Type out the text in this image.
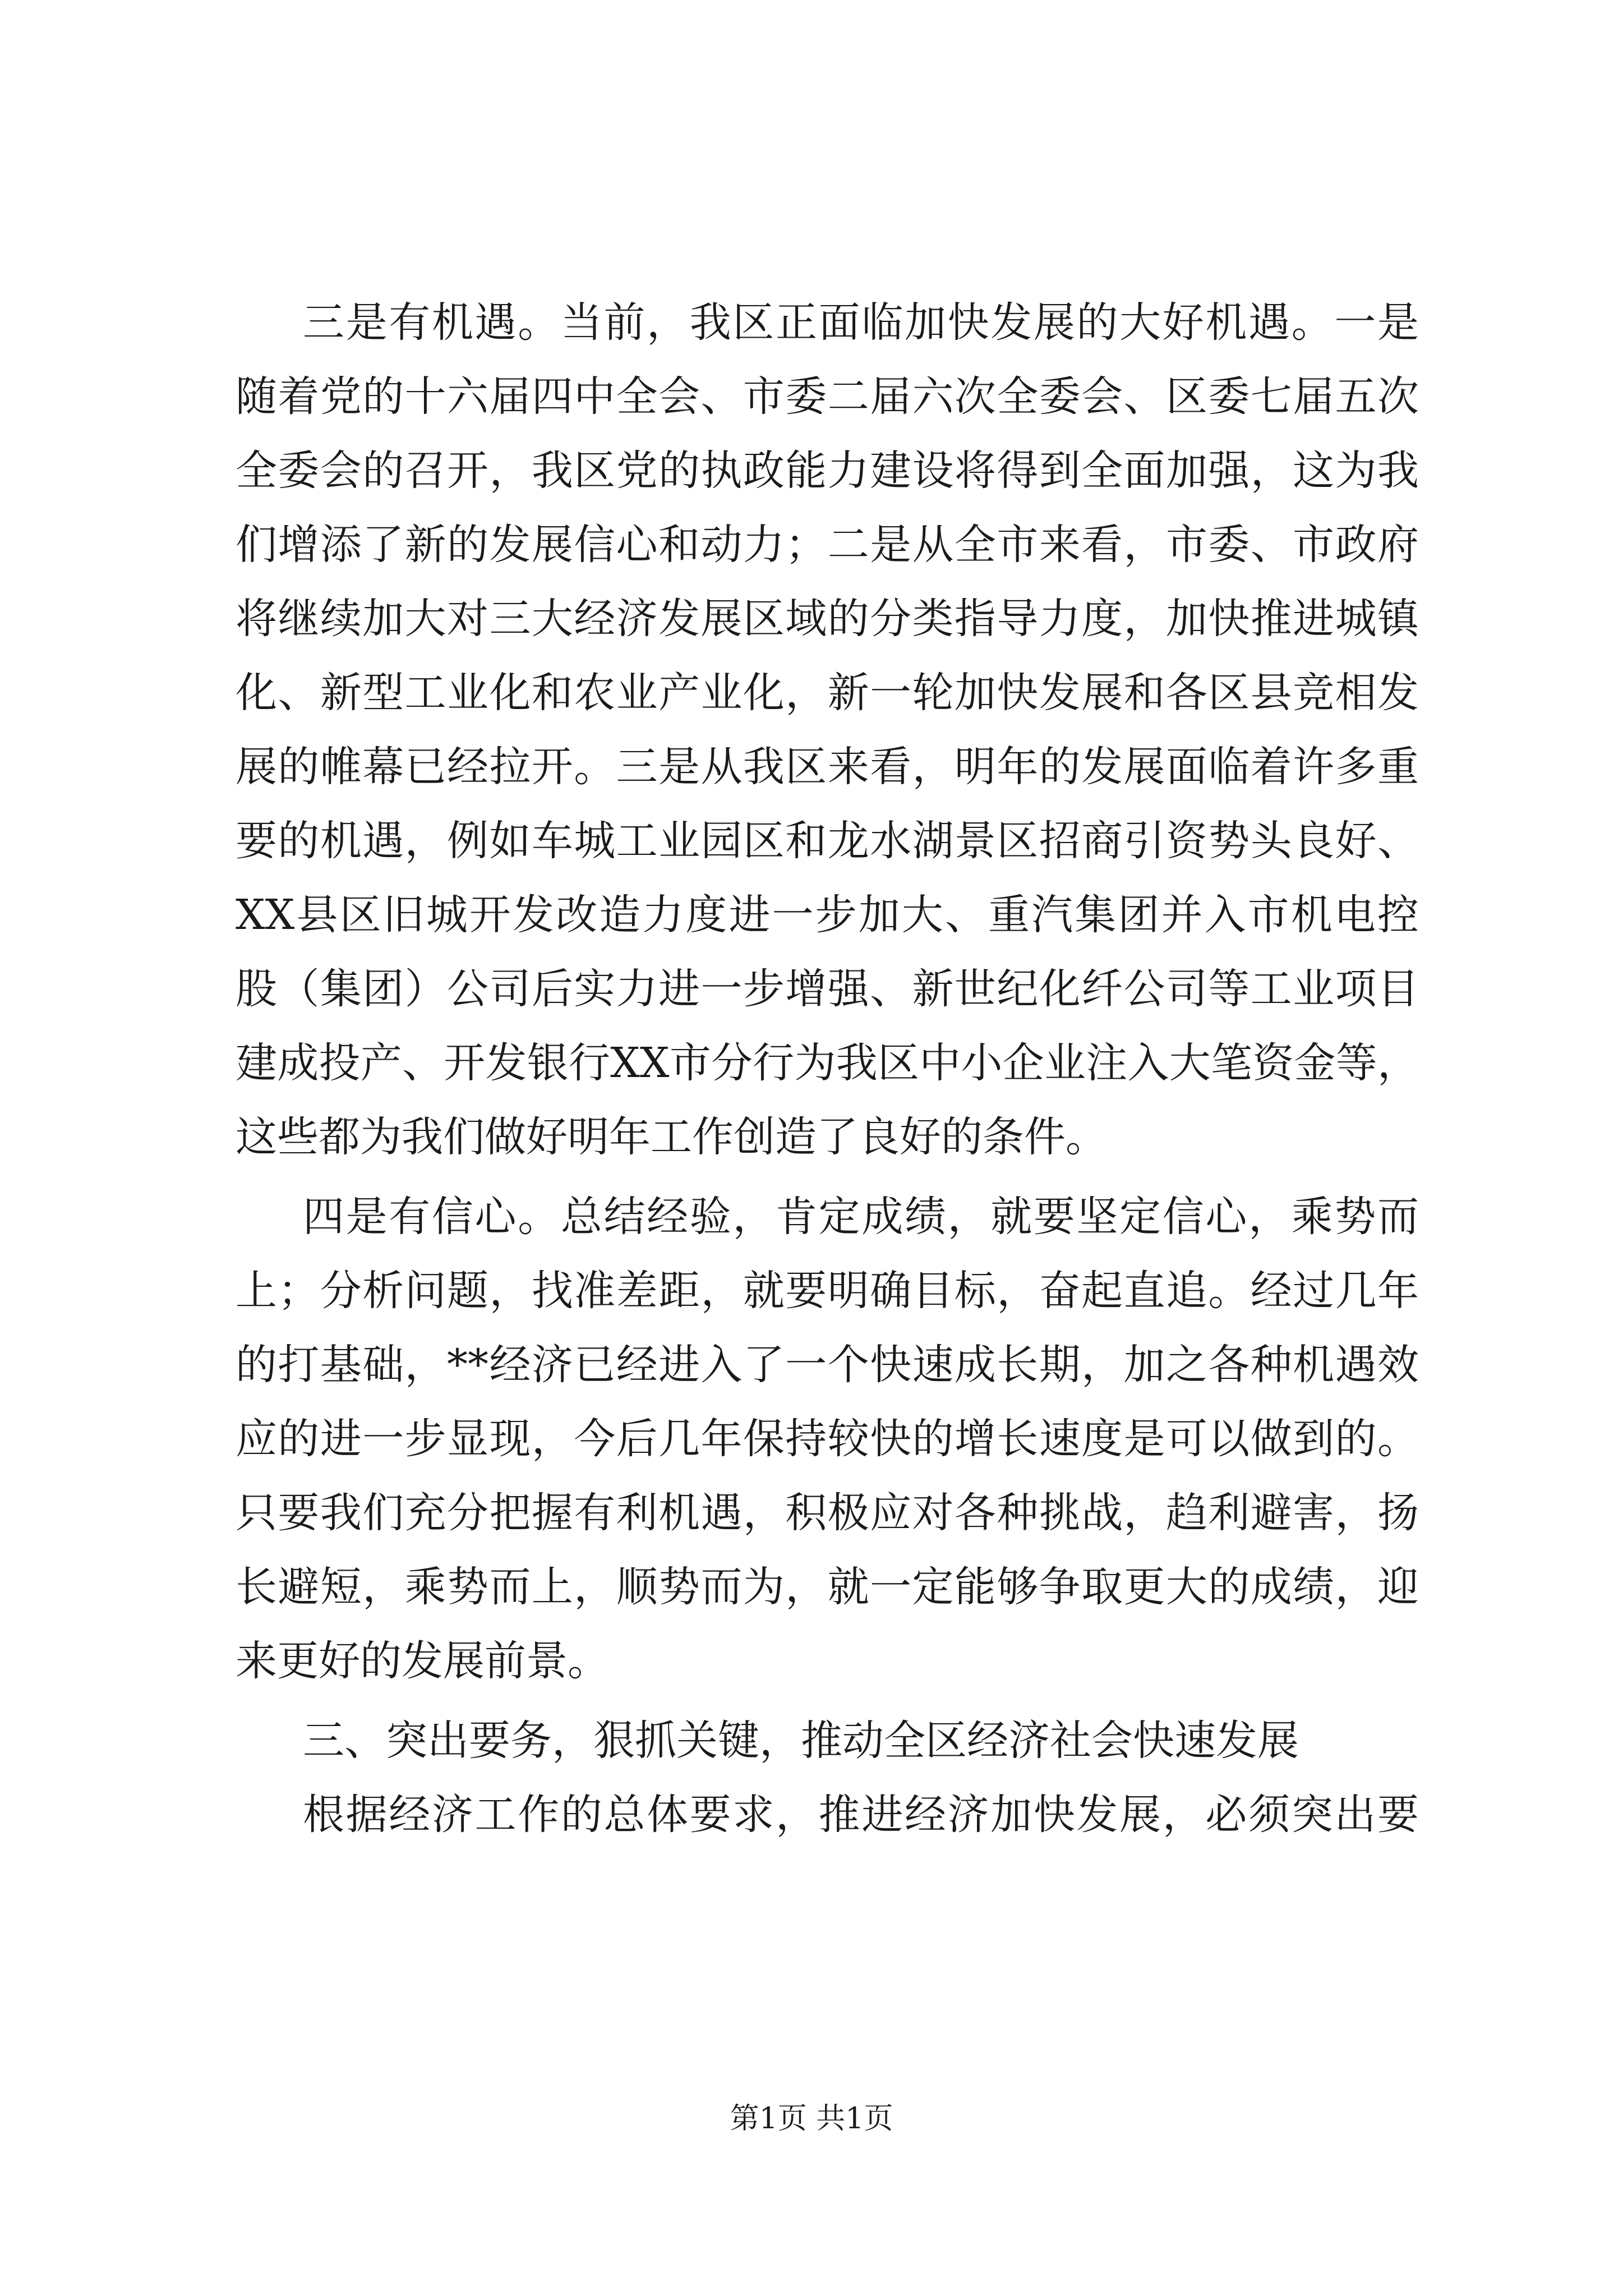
三是有机遇。当前，我区正面临加快发展的大好机遇。一是
随着党的十六届四中全会、市委二届六次全委会、区委七届五次
全委会的召开，我区党的执政能力建设将得到全面加强，这为我
们增添了新的发展信心和动力；二是从全市来看，市委、市政府
将继续加大对三大经济发展区域的分类指导力度，加快推进城镇
化、新型工业化和农业产业化，新一轮加快发展和各区县竞相发
展的帷幕已经拉开。三是从我区来看，明年的发展面临着许多重
要的机遇，例如车城工业园区和龙水湖景区招商引资势头良好、
XX县区旧城开发改造力度进一步加大、重汽集团并入市机电控
股（集团）公司后实力进一步增强、新世纪化纤公司等工业项目
建成投产、开发银行XX市分行为我区中小企业注入大笔资金等，
这些都为我们做好明年工作创造了良好的条件。
四是有信心。总结经验，肯定成绩，就要坚定信心，乘势而
上；分析问题，找准差距，就要明确目标，奋起直追。经过几年
的打基础，**经济已经进入了一个快速成长期，加之各种机遇效
应的进一步显现，今后几年保持较快的增长速度是可以做到的。
只要我们充分把握有利机遇，积极应对各种挑战，趋利避害，扬
长避短，乘势而上，顺势而为，就一定能够争取更大的成绩，迎
来更好的发展前景。
三、突出要务，狠抓关键，推动全区经济社会快速发展
根据经济工作的总体要求，推进经济加快发展，必须突出要
第1页 共1页
